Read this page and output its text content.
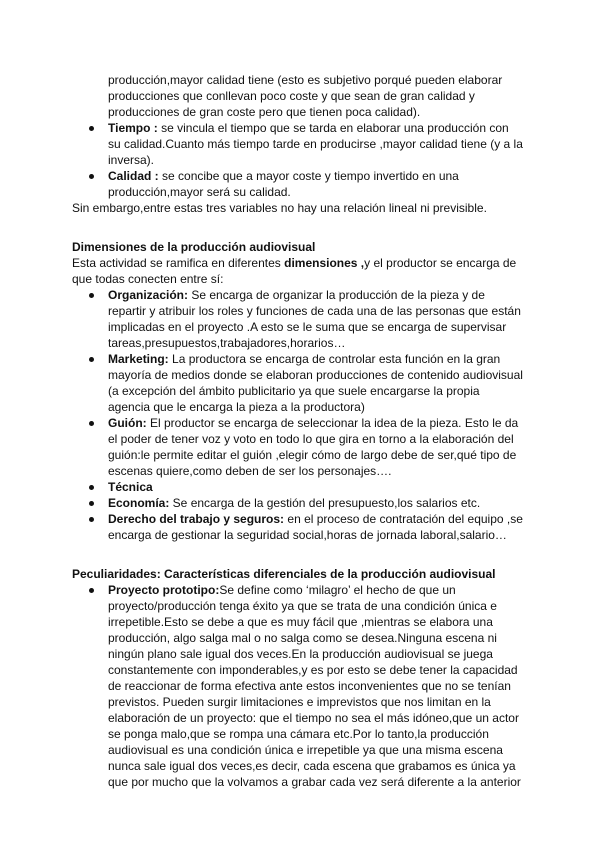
producción,mayor calidad tiene (esto es subjetivo porqué pueden elaborar
producciones que conllevan poco coste y que sean de gran calidad y
producciones de gran coste pero que tienen poca calidad).
Tiempo : se vincula el tiempo que se tarda en elaborar una producción con
su calidad.Cuanto más tiempo tarde en producirse ,mayor calidad tiene (y a la
inversa).
Calidad : se concibe que a mayor coste y tiempo invertido en una
producción,mayor será su calidad.
Sin embargo,entre estas tres variables no hay una relación lineal ni previsible.
Dimensiones de la producción audiovisual
Esta actividad se ramifica en diferentes dimensiones ,y el productor se encarga de
que todas conecten entre sí:
Organización: Se encarga de organizar la producción de la pieza y de
repartir y atribuir los roles y funciones de cada una de las personas que están
implicadas en el proyecto .A esto se le suma que se encarga de supervisar
tareas,presupuestos,trabajadores,horarios…
Marketing: La productora se encarga de controlar esta función en la gran
mayoría de medios donde se elaboran producciones de contenido audiovisual
(a excepción del ámbito publicitario ya que suele encargarse la propia
agencia que le encarga la pieza a la productora)
Guión: El productor se encarga de seleccionar la idea de la pieza. Esto le da
el poder de tener voz y voto en todo lo que gira en torno a la elaboración del
guión:le permite editar el guión ,elegir cómo de largo debe de ser,qué tipo de
escenas quiere,como deben de ser los personajes….
Técnica
Economía: Se encarga de la gestión del presupuesto,los salarios etc.
Derecho del trabajo y seguros: en el proceso de contratación del equipo ,se
encarga de gestionar la seguridad social,horas de jornada laboral,salario…
Peculiaridades: Características diferenciales de la producción audiovisual
Proyecto prototipo:Se define como ‘milagro’ el hecho de que un
proyecto/producción tenga éxito ya que se trata de una condición única e
irrepetible.Esto se debe a que es muy fácil que ,mientras se elabora una
producción, algo salga mal o no salga como se desea.Ninguna escena ni
ningún plano sale igual dos veces.En la producción audiovisual se juega
constantemente con imponderables,y es por esto se debe tener la capacidad
de reaccionar de forma efectiva ante estos inconvenientes que no se tenían
previstos. Pueden surgir limitaciones e imprevistos que nos limitan en la
elaboración de un proyecto: que el tiempo no sea el más idóneo,que un actor
se ponga malo,que se rompa una cámara etc.Por lo tanto,la producción
audiovisual es una condición única e irrepetible ya que una misma escena
nunca sale igual dos veces,es decir, cada escena que grabamos es única ya
que por mucho que la volvamos a grabar cada vez será diferente a la anterior
